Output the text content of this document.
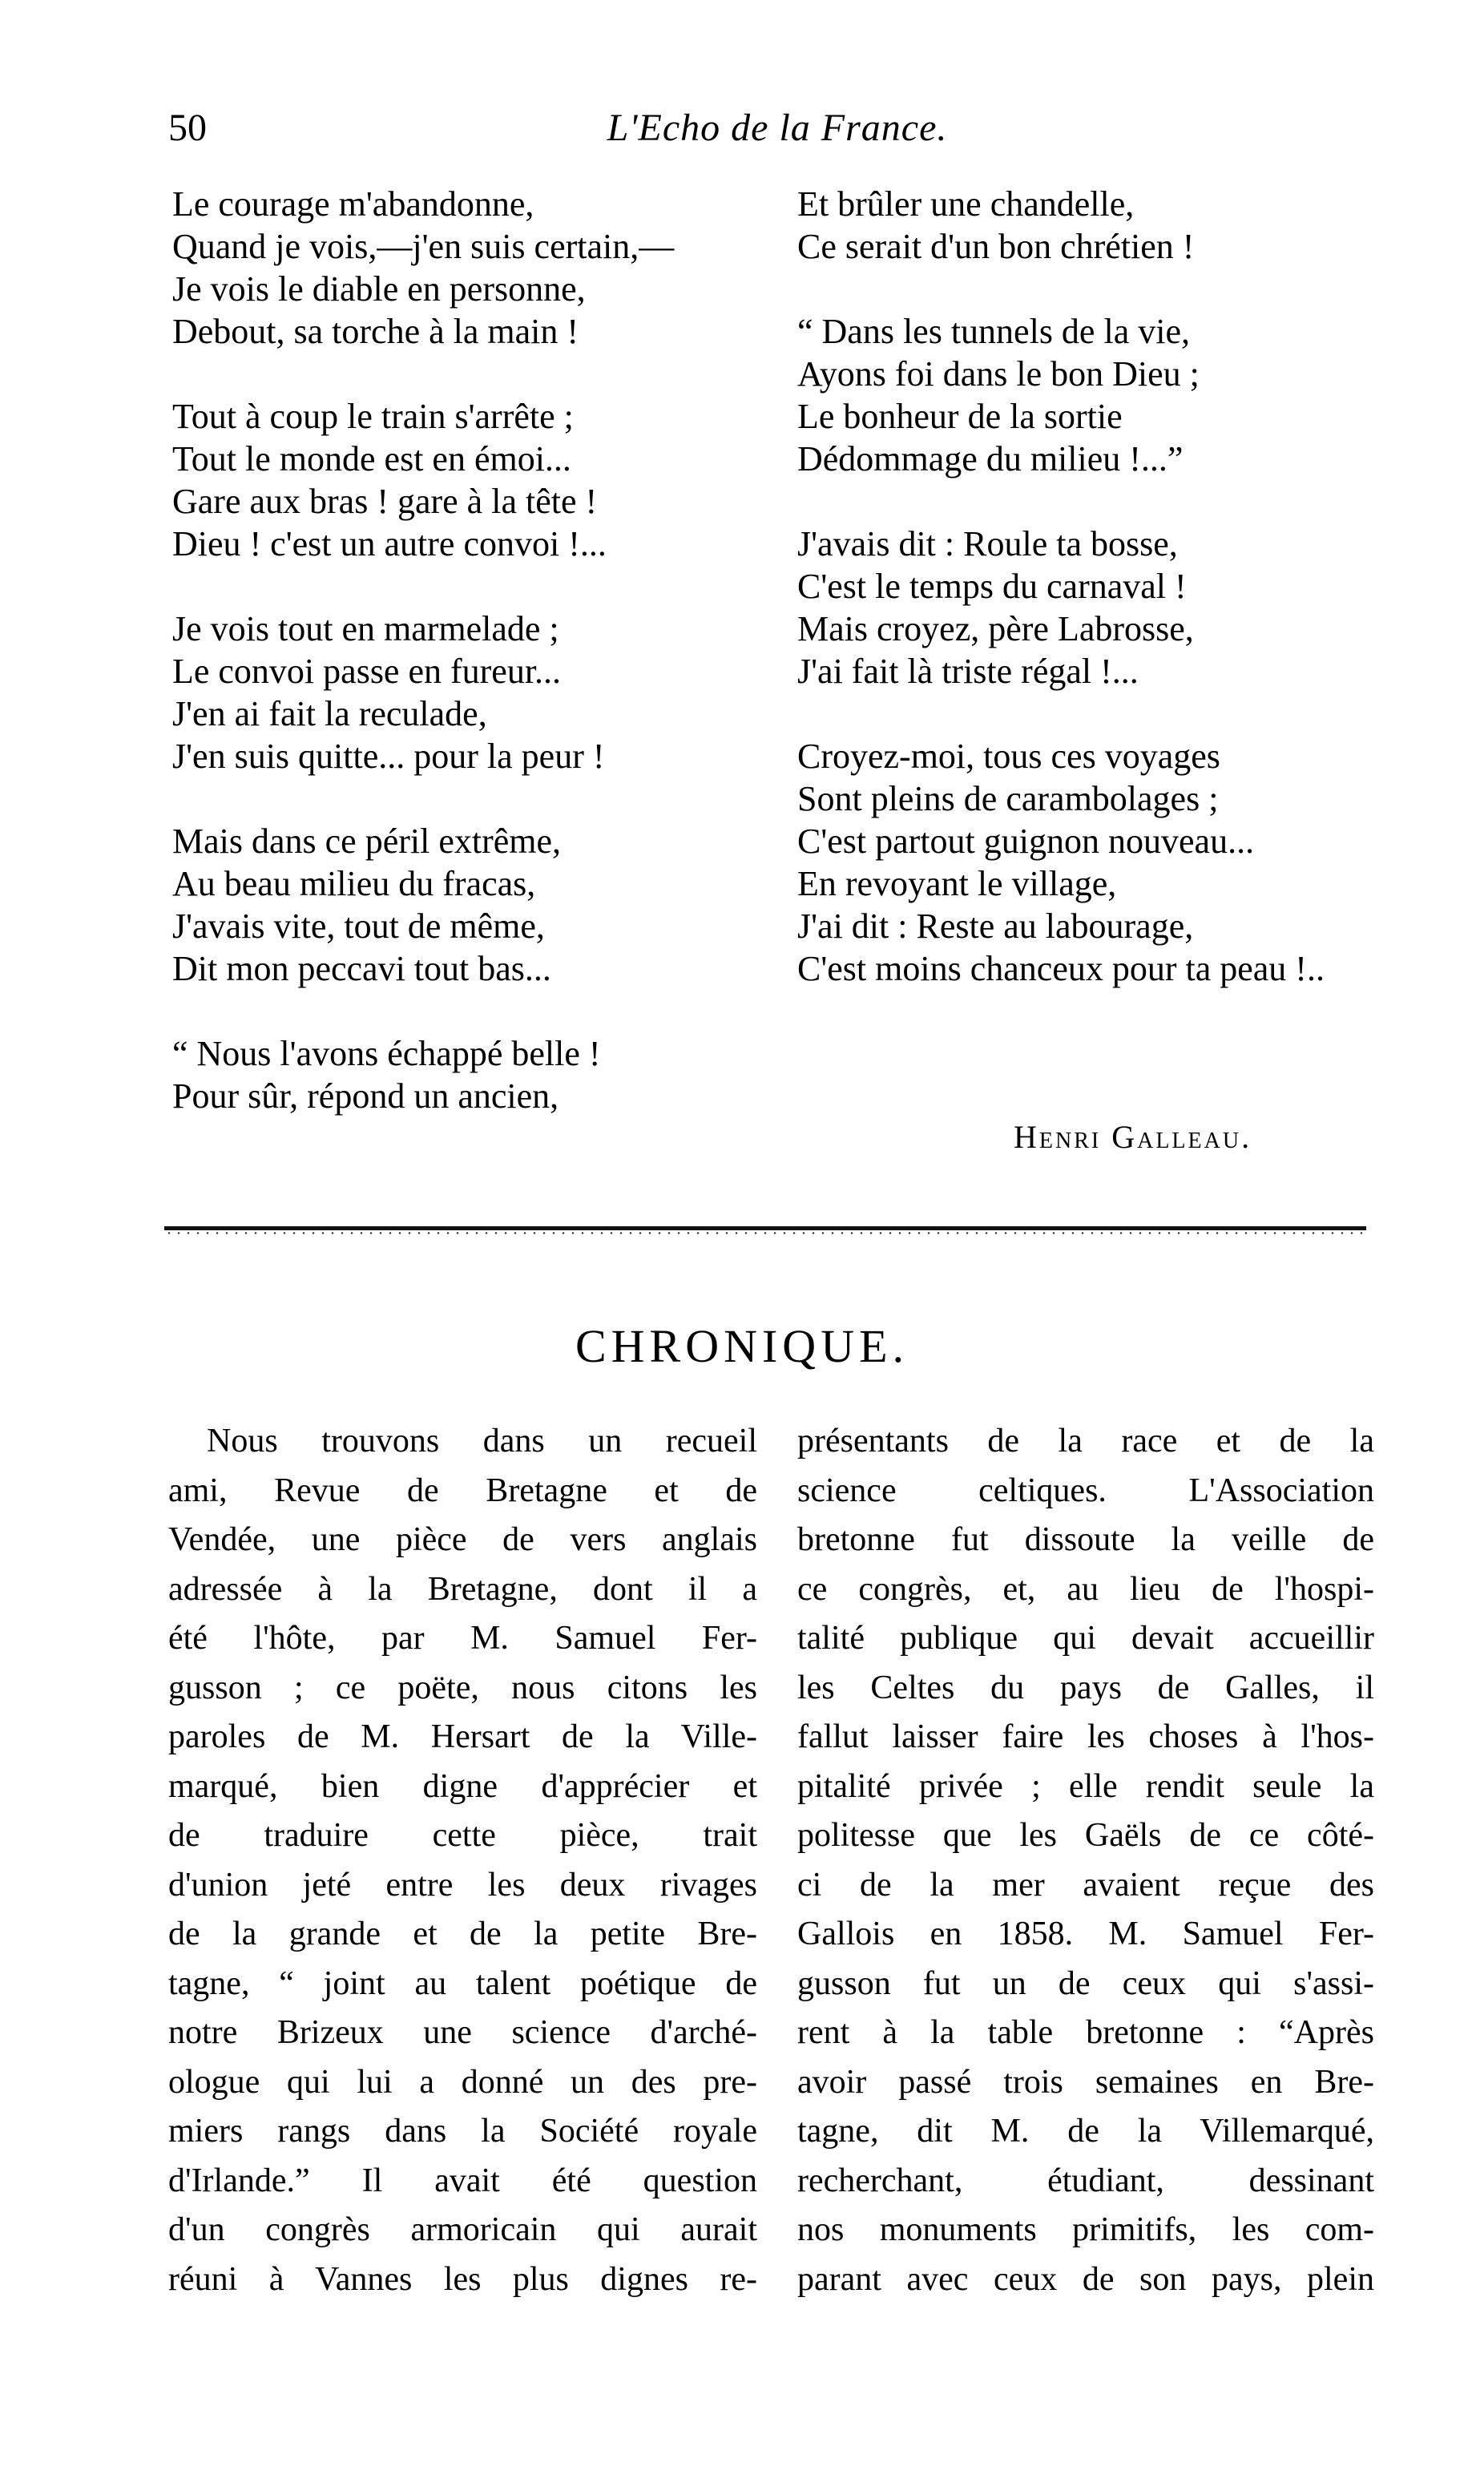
50	L'Echo de la France.
Le courage m'abandonne,
Quand je vois,—j'en suis certain,—
Je vois le diable en personne,
Debout, sa torche à la main !
Tout à coup le train s'arrête ;
Tout le monde est en émoi...
Gare aux bras ! gare à la tête !
Dieu ! c'est un autre convoi !...
Je vois tout en marmelade ;
Le convoi passe en fureur...
J'en ai fait la reculade,
J'en suis quitte... pour la peur !
Mais dans ce péril extrême,
Au beau milieu du fracas,
J'avais vite, tout de même,
Dit mon peccavi tout bas...
“ Nous l'avons échappé belle !
Pour sûr, répond un ancien,
Et brûler une chandelle,
Ce serait d'un bon chrétien !
“ Dans les tunnels de la vie,
Ayons foi dans le bon Dieu ;
Le bonheur de la sortie
Dédommage du milieu !...”
J'avais dit : Roule ta bosse,
C'est le temps du carnaval !
Mais croyez, père Labrosse,
J'ai fait là triste régal !...
Croyez-moi, tous ces voyages
Sont pleins de carambolages ;
C'est partout guignon nouveau...
En revoyant le village,
J'ai dit : Reste au labourage,
C'est moins chanceux pour ta peau !..
Henri Galleau.
CHRONIQUE.
Nous trouvons dans un recueil
ami, Revue de Bretagne et de
Vendée, une pièce de vers anglais
adressée à la Bretagne, dont il a
été l'hôte, par M. Samuel Fer-
gusson ; ce poëte, nous citons les
paroles de M. Hersart de la Ville-
marqué, bien digne d'apprécier et
de traduire cette pièce, trait
d'union jeté entre les deux rivages
de la grande et de la petite Bre-
tagne, “ joint au talent poétique de
notre Brizeux une science d'arché-
ologue qui lui a donné un des pre-
miers rangs dans la Société royale
d'Irlande.” Il avait été question
d'un congrès armoricain qui aurait
réuni à Vannes les plus dignes re-
présentants de la race et de la
science celtiques. L'Association
bretonne fut dissoute la veille de
ce congrès, et, au lieu de l'hospi-
talité publique qui devait accueillir
les Celtes du pays de Galles, il
fallut laisser faire les choses à l'hos-
pitalité privée ; elle rendit seule la
politesse que les Gaëls de ce côté-
ci de la mer avaient reçue des
Gallois en 1858. M. Samuel Fer-
gusson fut un de ceux qui s'assi-
rent à la table bretonne : “Après
avoir passé trois semaines en Bre-
tagne, dit M. de la Villemarqué,
recherchant, étudiant, dessinant
nos monuments primitifs, les com-
parant avec ceux de son pays, plein
